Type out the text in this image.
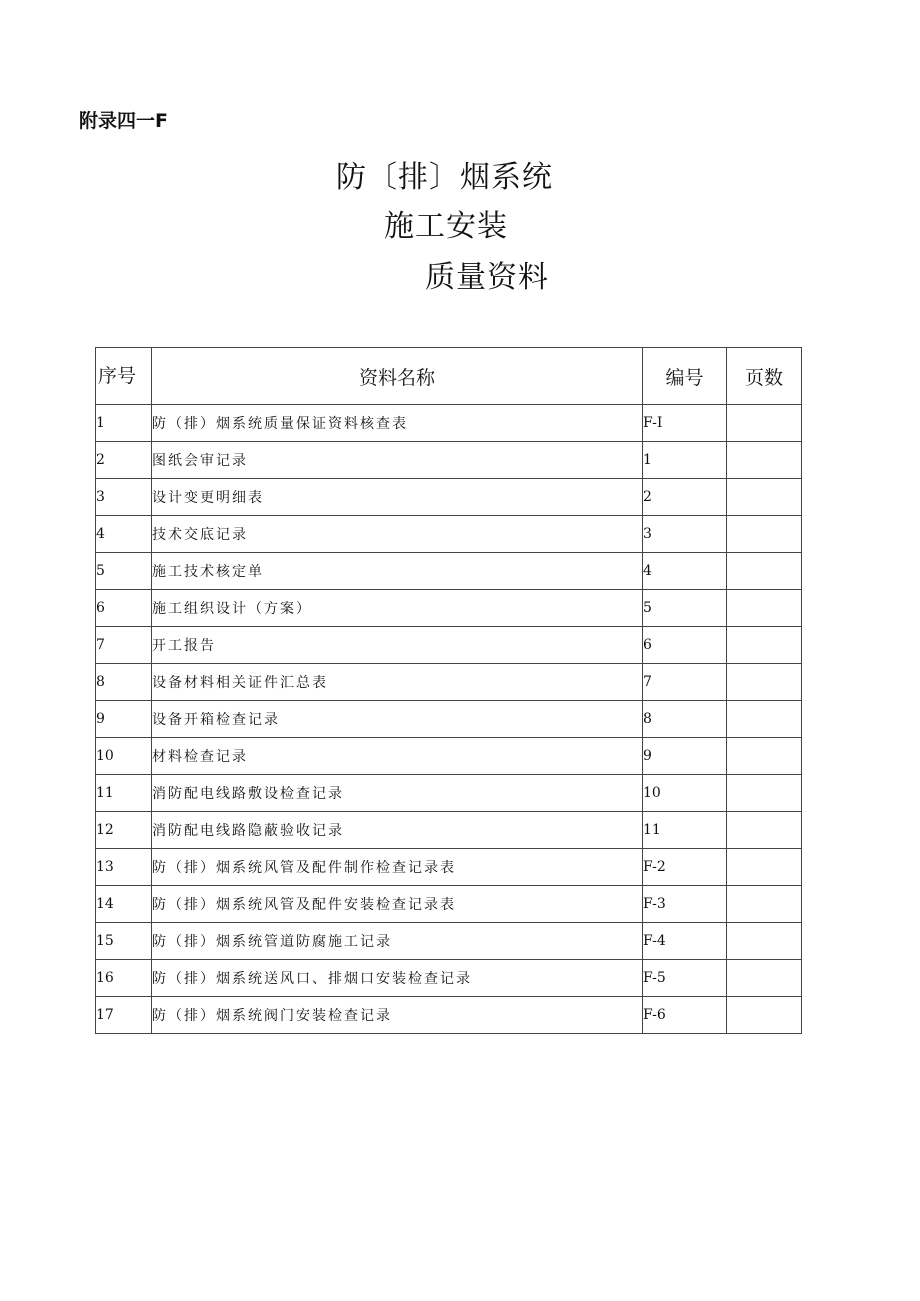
附录四一F
防〔排〕烟系统
施工安装
质量资料
序号	资料名称	编号	页数
1	防（排）烟系统质量保证资料核查表	F-I	
2	图纸会审记录	1	
3	设计变更明细表	2	
4	技术交底记录	3	
5	施工技术核定单	4	
6	施工组织设计（方案）	5	
7	开工报告	6	
8	设备材料相关证件汇总表	7	
9	设备开箱检查记录	8	
10	材料检查记录	9	
11	消防配电线路敷设检查记录	10	
12	消防配电线路隐蔽验收记录	11	
13	防（排）烟系统风管及配件制作检查记录表	F-2	
14	防（排）烟系统风管及配件安装检查记录表	F-3	
15	防（排）烟系统管道防腐施工记录	F-4	
16	防（排）烟系统送风口、排烟口安装检查记录	F-5	
17	防（排）烟系统阀门安装检查记录	F-6	
